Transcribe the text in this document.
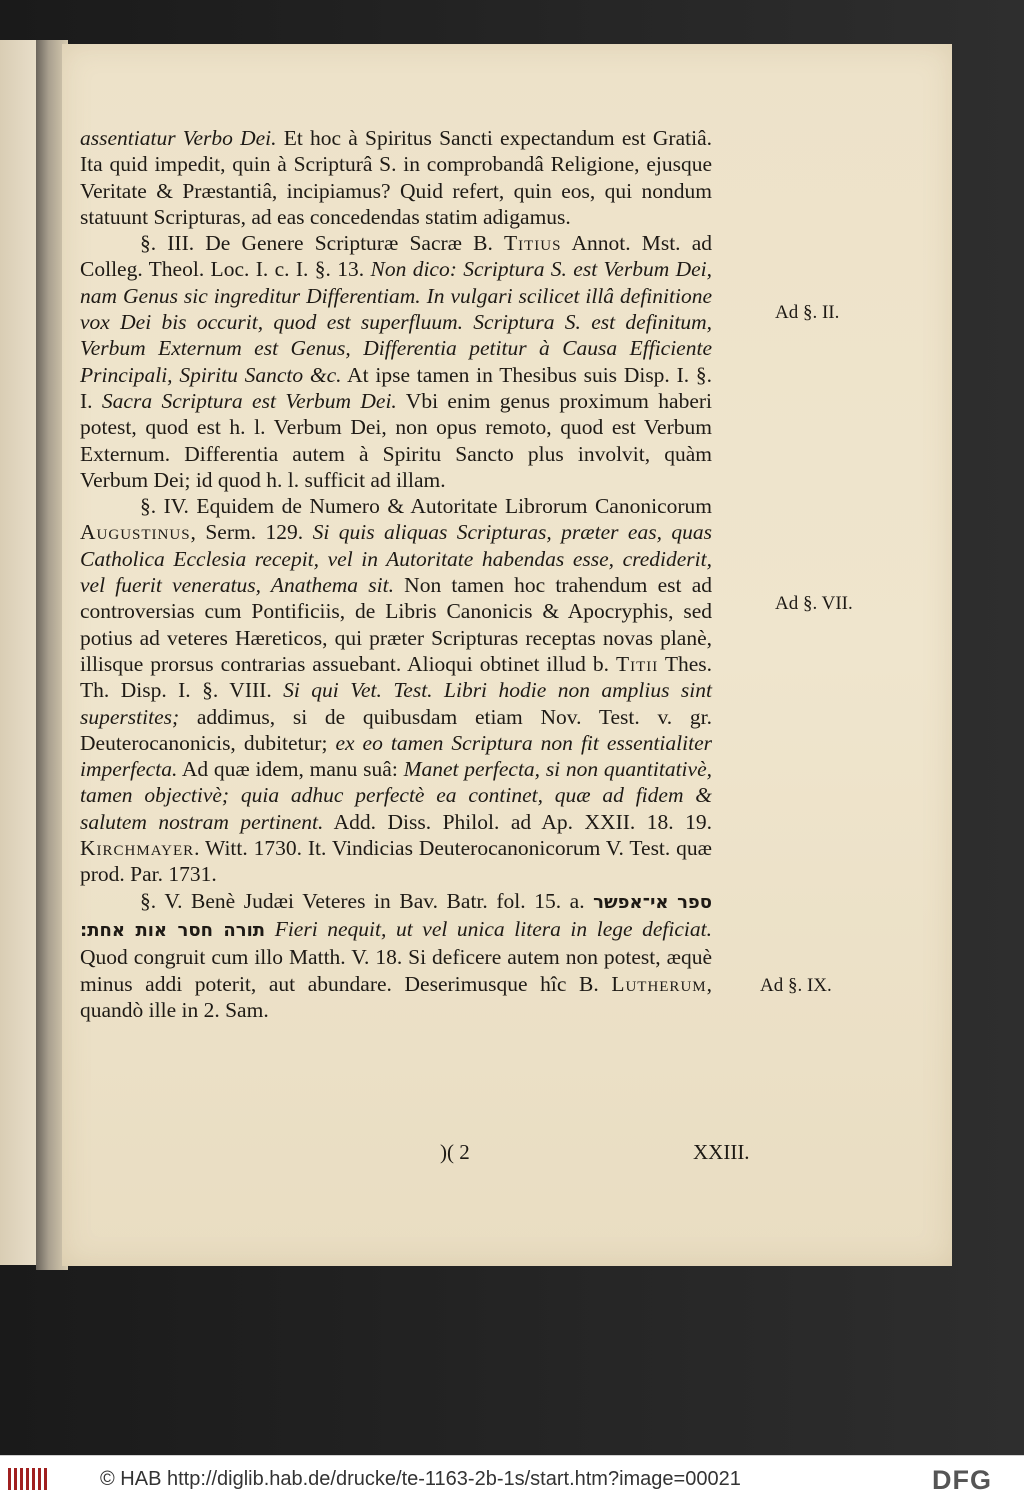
assentiatur Verbo Dei. Et hoc à Spiritus Sancti expectandum est Gratiâ. Ita quid impedit, quin à Scripturâ S. in comprobandâ Religione, ejusque Veritate & Præstantiâ, incipiamus? Quid refert, quin eos, qui nondum statuunt Scripturas, ad eas concedendas statim adigamus.

§. III. De Genere Scripturæ Sacræ B. Titius Annot. Mst. ad Colleg. Theol. Loc. I. c. I. §. 13. Non dico: Scriptura S. est Verbum Dei, nam Genus sic ingreditur Differentiam. In vulgari scilicet illâ definitione vox Dei bis occurit, quod est superfluum. Scriptura S. est definitum, Verbum Externum est Genus, Differentia petitur à Causa Efficiente Principali, Spiritu Sancto &c. At ipse tamen in Thesibus suis Disp. I. §. I. Sacra Scriptura est Verbum Dei. Vbi enim genus proximum haberi potest, quod est h. l. Verbum Dei, non opus remoto, quod est Verbum Externum. Differentia autem à Spiritu Sancto plus involvit, quàm Verbum Dei; id quod h. l. sufficit ad illam.

§. IV. Equidem de Numero & Autoritate Librorum Canonicorum Augustinus, Serm. 129. Si quis aliquas Scripturas, præter eas, quas Catholica Ecclesia recepit, vel in Autoritate habendas esse, crediderit, vel fuerit veneratus, Anathema sit. Non tamen hoc trahendum est ad controversias cum Pontificiis, de Libris Canonicis & Apocryphis, sed potius ad veteres Hæreticos, qui præter Scripturas receptas novas planè, illisque prorsus contrarias assuebant. Alioqui obtinet illud b. Titii Thes. Th. Disp. I. §. VIII. Si qui Vet. Test. Libri hodie non amplius sint superstites; addimus, si de quibusdam etiam Nov. Test. v. gr. Deuterocanonicis, dubitetur; ex eo tamen Scriptura non fit essentialiter imperfecta. Ad quæ idem, manu suâ: Manet perfecta, si non quantitativè, tamen objectivè; quia adhuc perfectè ea continet, quæ ad fidem & salutem nostram pertinent. Add. Diss. Philol. ad Ap. XXII. 18. 19. Kirchmayer. Witt. 1730. It. Vindicias Deuterocanonicorum V. Test. quæ prod. Par. 1731.

§. V. Benè Judæi Veteres in Bav. Batr. fol. 15. a. אי־אפשר ספר תורה חסר אות אחת: Fieri nequit, ut vel unica litera in lege deficiat. Quod congruit cum illo Matth. V. 18. Si deficere autem non potest, æquè minus addi poterit, aut abundare. Deserimusque hîc B. Lutherum, quandò ille in 2. Sam.

Ad §. II.
Ad §. VII.
Ad §. IX.
)( 2	XXIII.
© HAB http://diglib.hab.de/drucke/te-1163-2b-1s/start.htm?image=00021	DFG
